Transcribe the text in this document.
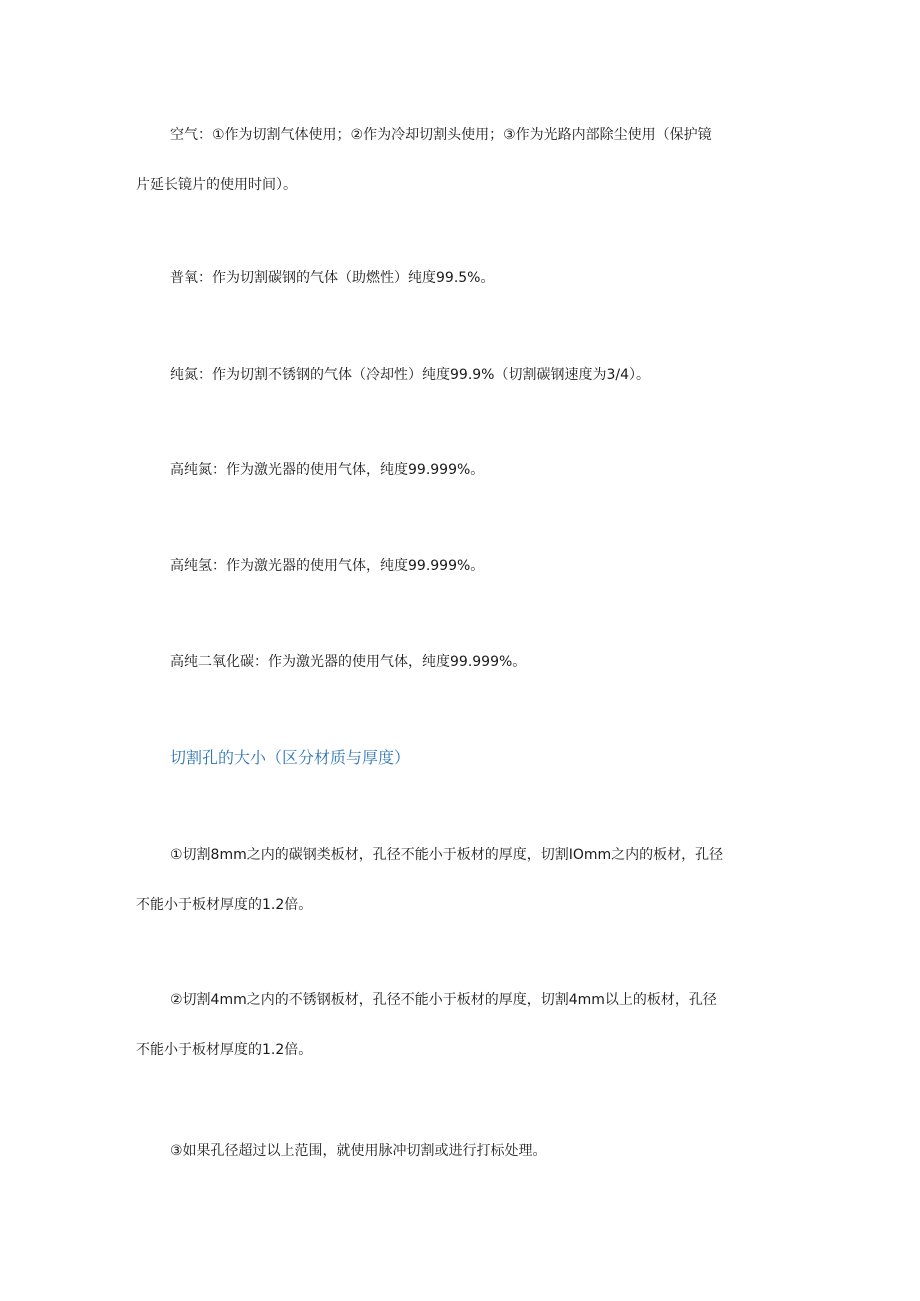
空气：①作为切割气体使用；②作为冷却切割头使用；③作为光路内部除尘使用（保护镜
片延长镜片的使用时间）。
普氧：作为切割碳钢的气体（助燃性）纯度99.5%。
纯氮：作为切割不锈钢的气体（冷却性）纯度99.9%（切割碳钢速度为3/4）。
高纯氮：作为激光器的使用气体，纯度99.999%。
高纯氢：作为激光器的使用气体，纯度99.999%。
高纯二氧化碳：作为激光器的使用气体，纯度99.999%。
切割孔的大小（区分材质与厚度）
①切割8mm之内的碳钢类板材，孔径不能小于板材的厚度，切割IOmm之内的板材，孔径
不能小于板材厚度的1.2倍。
②切割4mm之内的不锈钢板材，孔径不能小于板材的厚度，切割4mm以上的板材，孔径
不能小于板材厚度的1.2倍。
③如果孔径超过以上范围，就使用脉冲切割或进行打标处理。
